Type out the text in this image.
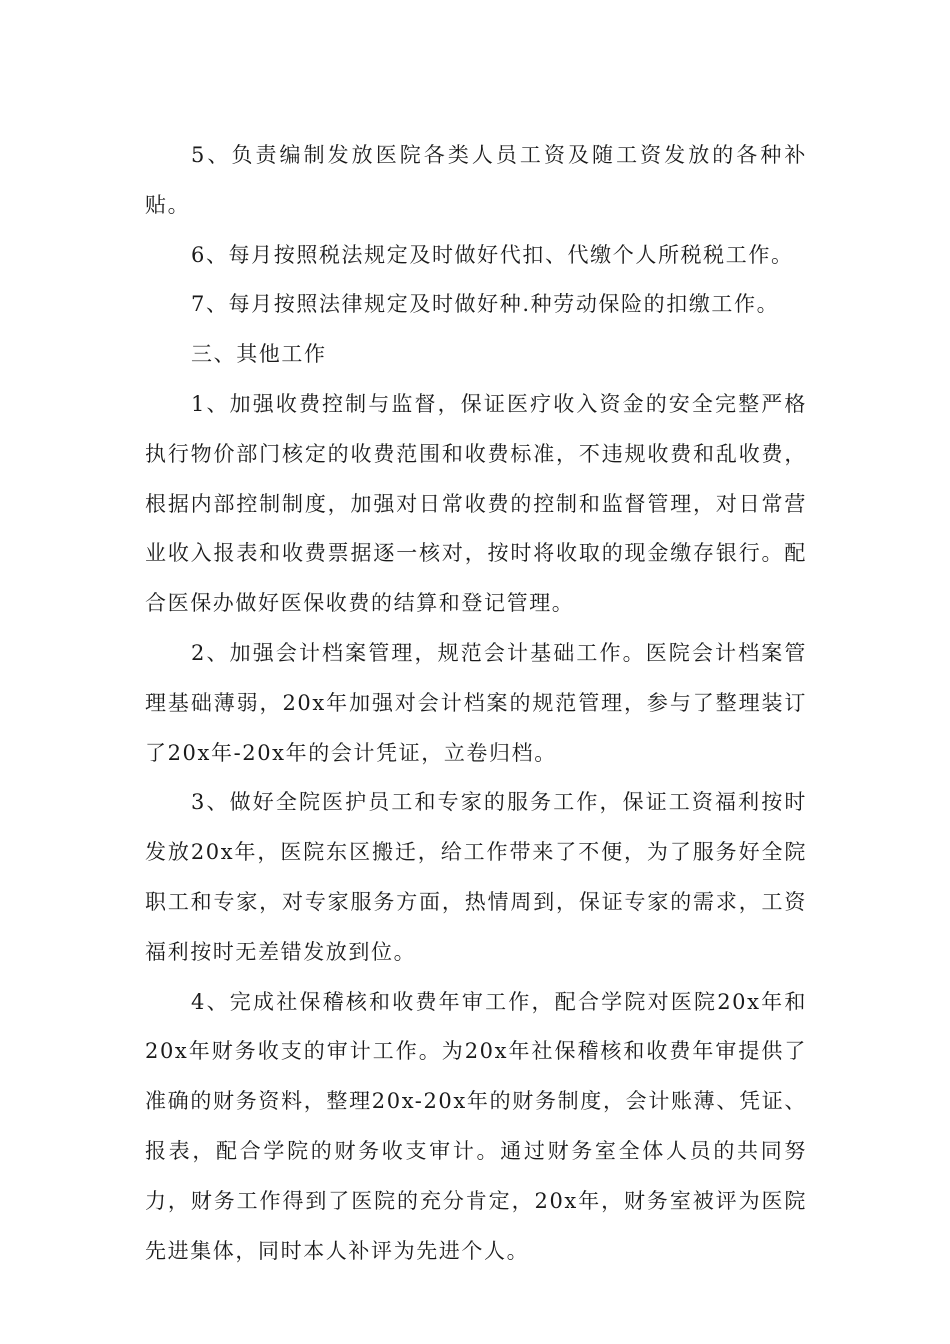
5、负责编制发放医院各类人员工资及随工资发放的各种补贴。

6、每月按照税法规定及时做好代扣、代缴个人所税税工作。

7、每月按照法律规定及时做好种.种劳动保险的扣缴工作。

三、其他工作

1、加强收费控制与监督，保证医疗收入资金的安全完整严格执行物价部门核定的收费范围和收费标准，不违规收费和乱收费，根据内部控制制度，加强对日常收费的控制和监督管理，对日常营业收入报表和收费票据逐一核对，按时将收取的现金缴存银行。配合医保办做好医保收费的结算和登记管理。

2、加强会计档案管理，规范会计基础工作。医院会计档案管理基础薄弱，20x年加强对会计档案的规范管理，参与了整理装订了20x年-20x年的会计凭证，立卷归档。

3、做好全院医护员工和专家的服务工作，保证工资福利按时发放20x年，医院东区搬迁，给工作带来了不便，为了服务好全院职工和专家，对专家服务方面，热情周到，保证专家的需求，工资福利按时无差错发放到位。

4、完成社保稽核和收费年审工作，配合学院对医院20x年和20x年财务收支的审计工作。为20x年社保稽核和收费年审提供了准确的财务资料，整理20x-20x年的财务制度，会计账薄、凭证、报表，配合学院的财务收支审计。通过财务室全体人员的共同努力，财务工作得到了医院的充分肯定，20x年，财务室被评为医院先进集体，同时本人补评为先进个人。
